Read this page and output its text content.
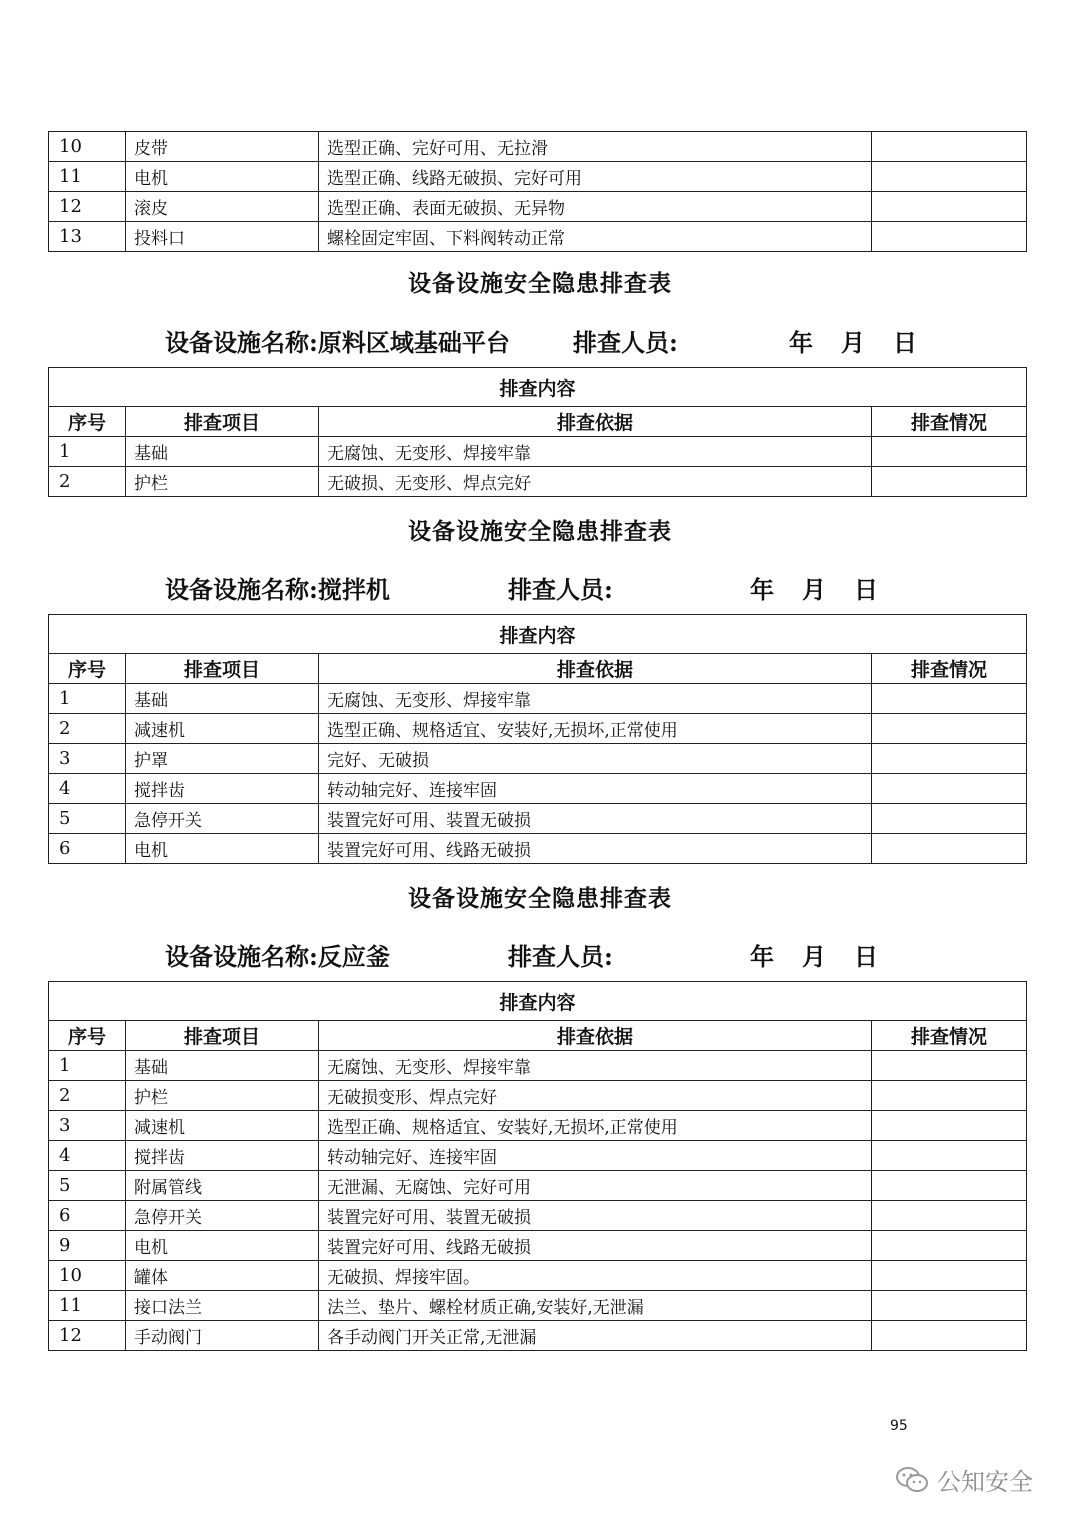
10	皮带	选型正确、完好可用、无拉滑	
11	电机	选型正确、线路无破损、完好可用	
12	滚皮	选型正确、表面无破损、无异物	
13	投料口	螺栓固定牢固、下料阀转动正常	
设备设施安全隐患排查表
设备设施名称:原料区域基础平台	排查人员:	年 月 日
排查内容			
序号	排查项目	排查依据	排查情况
1	基础	无腐蚀、无变形、焊接牢靠	
2	护栏	无破损、无变形、焊点完好	
设备设施安全隐患排查表
设备设施名称:搅拌机	排查人员:	年 月 日
排查内容			
序号	排查项目	排查依据	排查情况
1	基础	无腐蚀、无变形、焊接牢靠	
2	减速机	选型正确、规格适宜、安装好,无损坏,正常使用	
3	护罩	完好、无破损	
4	搅拌齿	转动轴完好、连接牢固	
5	急停开关	装置完好可用、装置无破损	
6	电机	装置完好可用、线路无破损	
设备设施安全隐患排查表
设备设施名称:反应釜	排查人员:	年 月 日
排查内容			
序号	排查项目	排查依据	排查情况
1	基础	无腐蚀、无变形、焊接牢靠	
2	护栏	无破损变形、焊点完好	
3	减速机	选型正确、规格适宜、安装好,无损坏,正常使用	
4	搅拌齿	转动轴完好、连接牢固	
5	附属管线	无泄漏、无腐蚀、完好可用	
6	急停开关	装置完好可用、装置无破损	
9	电机	装置完好可用、线路无破损	
10	罐体	无破损、焊接牢固。	
11	接口法兰	法兰、垫片、螺栓材质正确,安装好,无泄漏	
12	手动阀门	各手动阀门开关正常,无泄漏	
95
公知安全
